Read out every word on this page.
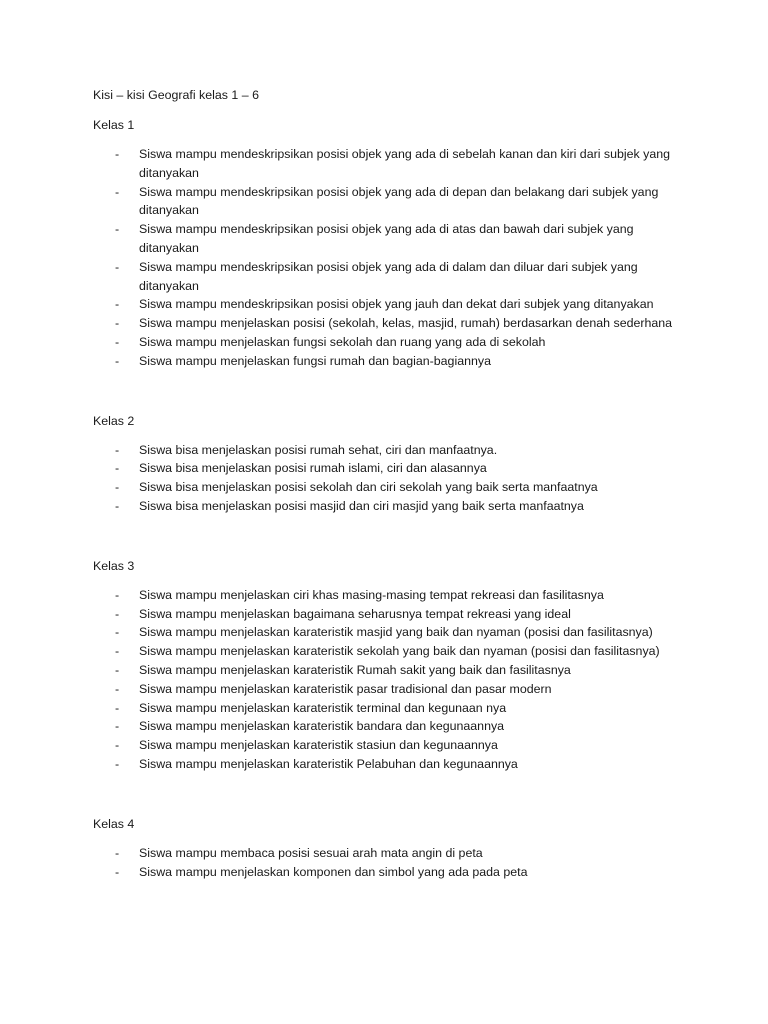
Kisi – kisi Geografi kelas 1 – 6
Kelas 1
- Siswa mampu mendeskripsikan posisi objek yang ada di sebelah kanan dan kiri dari subjek yang ditanyakan
- Siswa mampu mendeskripsikan posisi objek yang ada di depan dan belakang dari subjek yang ditanyakan
- Siswa mampu mendeskripsikan posisi objek yang ada di atas dan bawah dari subjek yang ditanyakan
- Siswa mampu mendeskripsikan posisi objek yang ada di dalam dan diluar dari subjek yang ditanyakan
- Siswa mampu mendeskripsikan posisi objek yang jauh dan dekat dari subjek yang ditanyakan
- Siswa mampu menjelaskan posisi (sekolah, kelas, masjid, rumah) berdasarkan denah sederhana
- Siswa mampu menjelaskan fungsi sekolah dan ruang yang ada di sekolah
- Siswa mampu menjelaskan fungsi rumah dan bagian-bagiannya
Kelas 2
- Siswa bisa menjelaskan posisi rumah sehat, ciri dan manfaatnya.
- Siswa bisa menjelaskan posisi rumah islami, ciri dan alasannya
- Siswa bisa menjelaskan posisi sekolah dan ciri sekolah yang baik serta manfaatnya
- Siswa bisa menjelaskan posisi masjid dan ciri masjid yang baik serta manfaatnya
Kelas 3
- Siswa mampu menjelaskan ciri khas masing-masing tempat rekreasi dan fasilitasnya
- Siswa mampu menjelaskan bagaimana seharusnya tempat rekreasi yang ideal
- Siswa mampu menjelaskan karateristik masjid yang baik dan nyaman (posisi dan fasilitasnya)
- Siswa mampu menjelaskan karateristik sekolah yang baik dan nyaman (posisi dan fasilitasnya)
- Siswa mampu menjelaskan karateristik Rumah sakit yang baik dan fasilitasnya
- Siswa mampu menjelaskan karateristik pasar tradisional dan pasar modern
- Siswa mampu menjelaskan karateristik terminal dan kegunaan nya
- Siswa mampu menjelaskan karateristik bandara dan kegunaannya
- Siswa mampu menjelaskan karateristik stasiun dan kegunaannya
- Siswa mampu menjelaskan karateristik Pelabuhan dan kegunaannya
Kelas 4
- Siswa mampu membaca posisi sesuai arah mata angin di peta
- Siswa mampu menjelaskan komponen dan simbol yang ada pada peta
